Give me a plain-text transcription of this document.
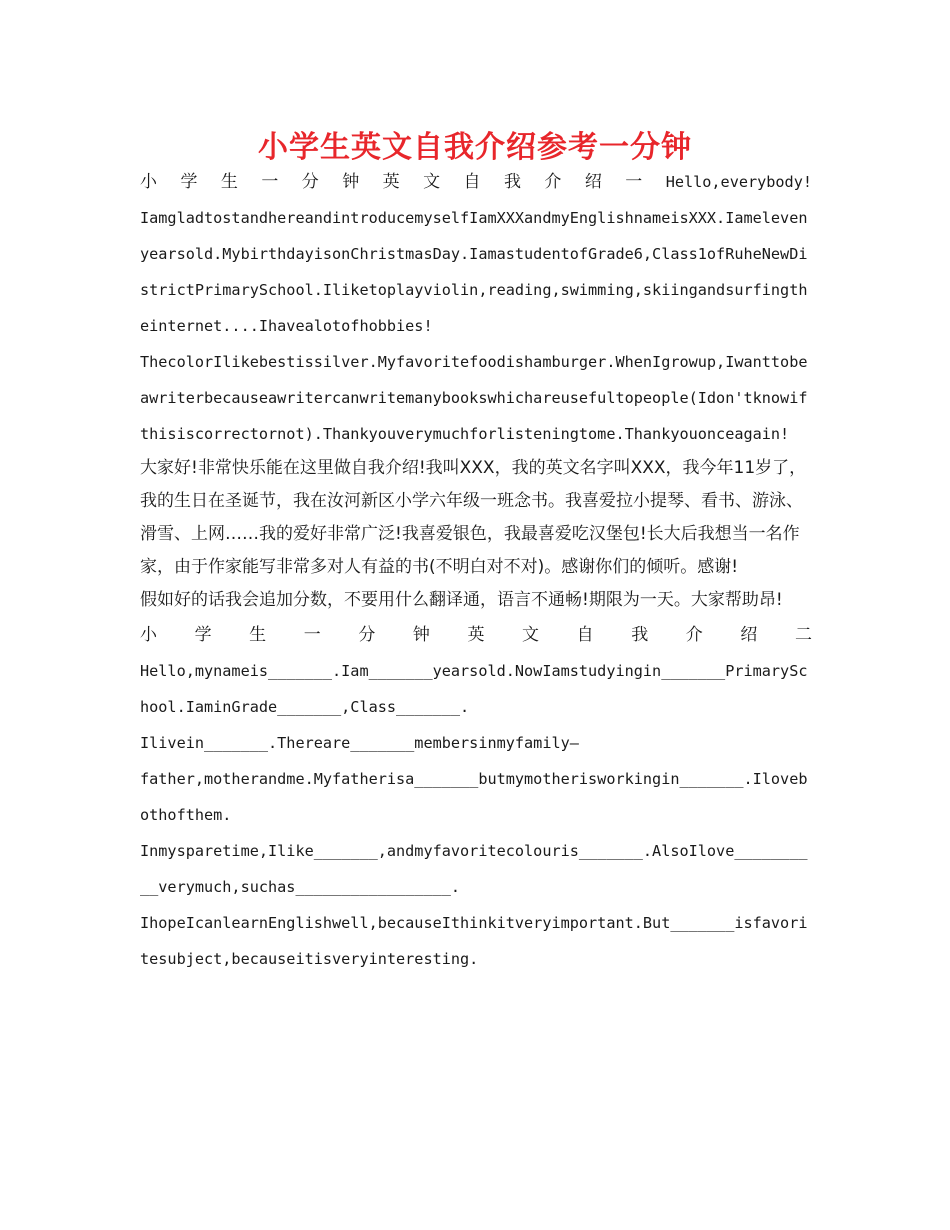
小学生英文自我介绍参考一分钟
小 学 生 一 分 钟 英 文 自 我 介 绍 一 Hello,everybody!

IamgladtostandhereandintroducemyselfIamXXXandmyEnglishnameisXXX.Iamelevenyearsold.MybirthdayisonChristmasDay.IamastudentofGrade6,Class1ofRuheNewDistrictPrimarySchool.Iliketoplayviolin,reading,swimming,skiingandsurfingtheinternet....Ihavealotofhobbies!

ThecolorIlikebestissilver.Myfavoritefoodishamburger.WhenIgrowup,Iwanttobeawriterbecauseawritercanwritemanybookswhichareusefultopeople(Idon'tknowifthisiscorrectornot).Thankyouverymuchforlisteningtome.Thankyouonceagain!

大家好!非常快乐能在这里做自我介绍!我叫XXX，我的英文名字叫XXX，我今年11岁了，我的生日在圣诞节，我在汝河新区小学六年级一班念书。我喜爱拉小提琴、看书、游泳、滑雪、上网……我的爱好非常广泛!我喜爱银色，我最喜爱吃汉堡包!长大后我想当一名作家，由于作家能写非常多对人有益的书(不明白对不对)。感谢你们的倾听。感谢!

假如好的话我会追加分数，不要用什么翻译通，语言不通畅!期限为一天。大家帮助昂!

小 学 生 一 分 钟 英 文 自 我 介 绍 二

Hello,mynameis_______.Iam_______yearsold.NowIamstudyingin_______PrimarySchool.IaminGrade_______,Class_______.

Ilivein_______.Thereare_______membersinmyfamily—

father,motherandme.Myfatherisa_______butmymotherisworkingin_______.Ilovebothofthem.

Inmysparetime,Ilike_______,andmyfavoritecolouris_______.AlsoIlove__________verymuch,suchas_________________.

IhopeIcanlearnEnglishwell,becauseIthinkitveryimportant.But_______isfavoritesubject,becauseitisveryinteresting.
